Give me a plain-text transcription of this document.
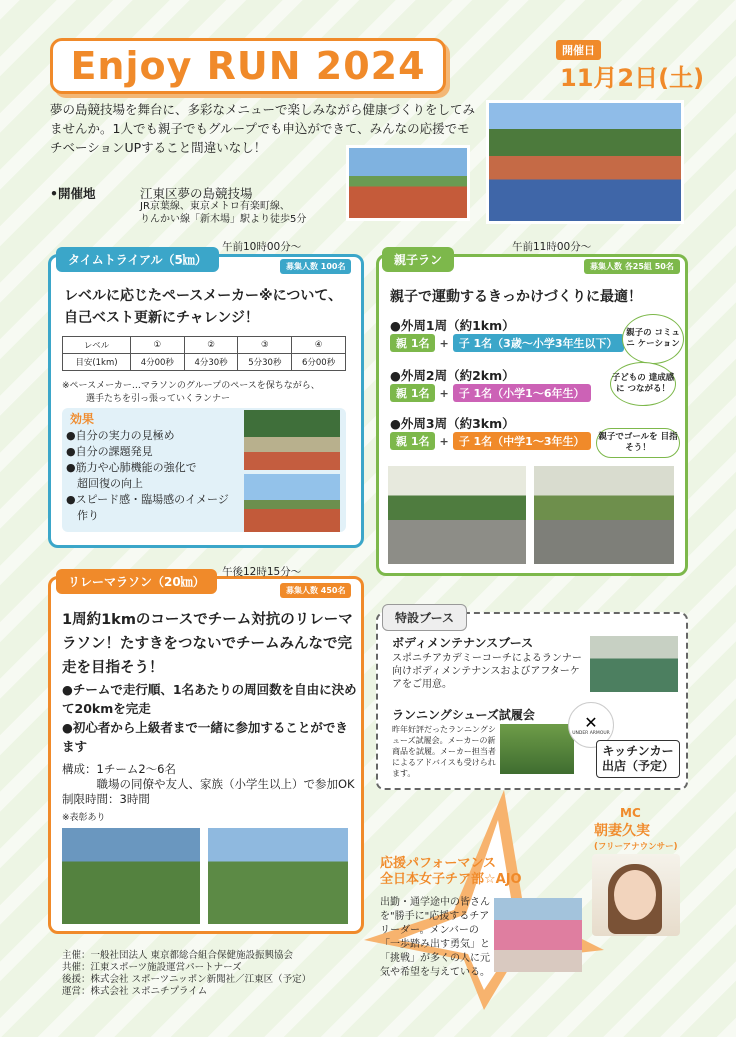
Enjoy RUN 2024	開催日
11月2日(土)
夢の島競技場を舞台に、多彩なメニューで楽しみながら健康づくりをしてみませんか。1人でも親子でもグループでも申込ができて、みんなの応援でモチベーションUPすること間違いなし！
•開催地	江東区夢の島競技場
JR京葉線、東京メトロ有楽町線、
りんかい線「新木場」駅より徒歩5分
タイムトライアル（5㎞）
午前10時00分～
募集人数 100名
レベルに応じたペースメーカー※について、
自己ベスト更新にチャレンジ！
レベル	①	②	③	④
目安(1km)	4分00秒	4分30秒	5分30秒	6分00秒
※ペースメーカー…マラソンのグループのペースを保ちながら、
選手たちを引っ張っていくランナー
効果
●自分の実力の見極め
●自分の課題発見
●筋力や心肺機能の強化で
　超回復の向上
●スピード感・臨場感のイメージ
　作り
親子ラン
午前11時00分～
募集人数 各25組 50名
親子で運動するきっかけづくりに最適！
●外周1周（約1km）
親 1名 + 子 1名（3歳～小学3年生以下）
●外周2周（約2km）
親 1名 + 子 1名（小学1～6年生）
●外周3周（約3km）
親 1名 + 子 1名（中学1～3年生）
親子の コミュニ ケーション
子どもの 達成感に つながる！
親子でゴールを 目指そう！
リレーマラソン（20㎞）
午後12時15分～
募集人数 450名
1周約1kmのコースでチーム対抗のリレーマラソン！たすきをつないでチームみんなで完走を目指そう！
●チームで走行順、1名あたりの周回数を自由に決めて20kmを完走
●初心者から上級者まで一緒に参加することができます
構成：1チーム2～6名
　　　職場の同僚や友人、家族（小学生以上）で参加OK
制限時間：3時間
※表彰あり
特設ブース
ボディメンテナンスブース
スポニチアカデミーコーチによるランナー向けボディメンテナンスおよびアフターケアをご用意。
ランニングシューズ試履会
昨年好評だったランニングシューズ試履会。メーカーの新商品を試履。メーカー担当者によるアドバイスも受けられます。
✕
UNDER ARMOUR
キッチンカー 出店（予定）
応援パフォーマンス
全日本女子チア部☆AJO
出勤・通学途中の皆さんを"勝手に"応援するチアリーダー。メンバーの「一歩踏み出す勇気」と「挑戦」が多くの人に元気や希望を与えている。
MC
朝妻久実
(フリーアナウンサー)
主催：一般社団法人 東京都総合組合保健施設振興協会
共催：江東スポーツ施設運営パートナーズ
後援：株式会社 スポーツニッポン新聞社／江東区（予定）
運営：株式会社 スポニチプライム
